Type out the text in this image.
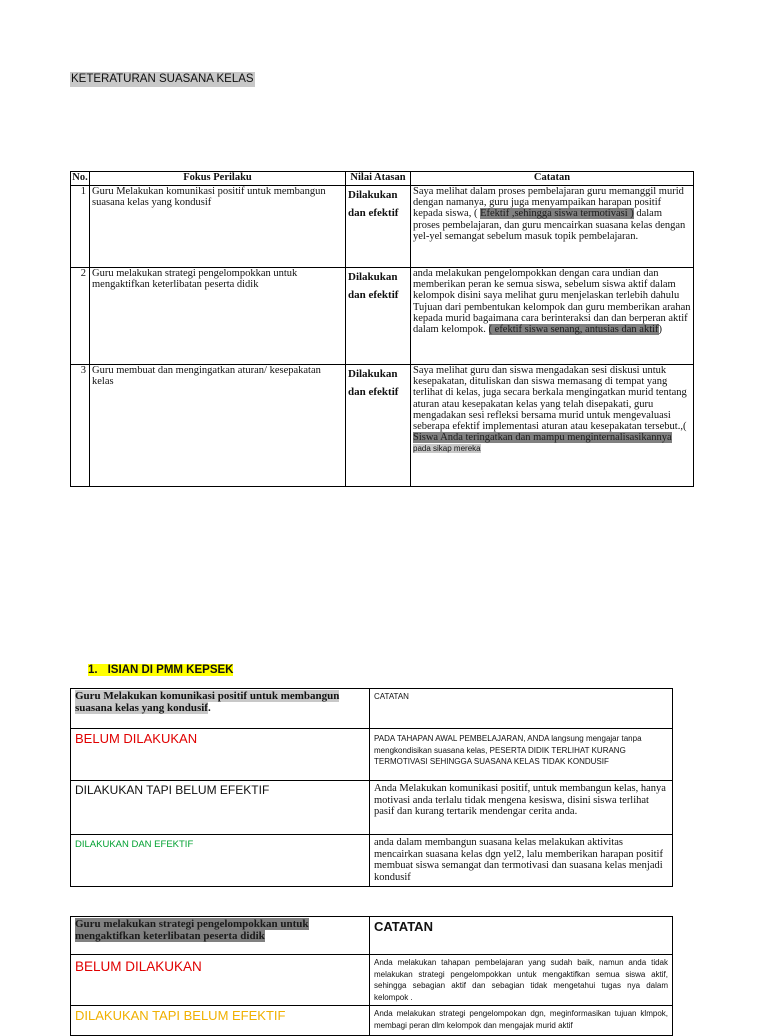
KETERATURAN SUASANA KELAS
No.	Fokus Perilaku	Nilai Atasan	Catatan
1	Guru Melakukan komunikasi positif untuk membangun suasana kelas yang kondusif	Dilakukan dan efektif	Saya melihat dalam proses pembelajaran guru memanggil murid dengan namanya, guru juga menyampaikan harapan positif kepada siswa, ( Efektif ,sehingga siswa termotivasi ) dalam proses pembelajaran, dan guru mencairkan suasana kelas dengan yel-yel semangat sebelum masuk topik pembelajaran.
2	Guru melakukan strategi pengelompokkan untuk mengaktifkan keterlibatan peserta didik	Dilakukan dan efektif	anda melakukan pengelompokkan dengan cara undian dan memberikan peran ke semua siswa, sebelum siswa aktif dalam kelompok disini saya melihat guru menjelaskan terlebih dahulu Tujuan dari pembentukan kelompok dan guru memberikan arahan kepada murid bagaimana cara berinteraksi dan dan berperan aktif dalam kelompok. ( efektif siswa senang, antusias dan aktif)
3	Guru membuat dan mengingatkan aturan/ kesepakatan kelas	Dilakukan dan efektif	Saya melihat guru dan siswa mengadakan sesi diskusi untuk kesepakatan, dituliskan dan siswa memasang di tempat yang terlihat di kelas, juga secara berkala mengingatkan murid tentang aturan atau kesepakatan kelas yang telah disepakati, guru mengadakan sesi refleksi bersama murid untuk mengevaluasi seberapa efektif implementasi aturan atau kesepakatan tersebut.,( Siswa Anda teringatkan dan mampu menginternalisasikannya pada sikap mereka
1. ISIAN DI PMM KEPSEK
Guru Melakukan komunikasi positif untuk membangun suasana kelas yang kondusif.	CATATAN
BELUM DILAKUKAN	PADA TAHAPAN AWAL PEMBELAJARAN, ANDA langsung mengajar tanpa mengkondisikan suasana kelas, PESERTA DIDIK TERLIHAT KURANG TERMOTIVASI SEHINGGA SUASANA KELAS TIDAK KONDUSIF
DILAKUKAN TAPI BELUM EFEKTIF	Anda Melakukan komunikasi positif, untuk membangun kelas, hanya motivasi anda terlalu tidak mengena kesiswa, disini siswa terlihat pasif dan kurang tertarik mendengar cerita anda.
DILAKUKAN DAN EFEKTIF	anda dalam membangun suasana kelas melakukan aktivitas mencairkan suasana kelas dgn yel2, lalu memberikan harapan positif membuat siswa semangat dan termotivasi dan suasana kelas menjadi kondusif
Guru melakukan strategi pengelompokkan untuk mengaktifkan keterlibatan peserta didik	CATATAN
BELUM DILAKUKAN	Anda melakukan tahapan pembelajaran yang sudah baik, namun anda tidak melakukan strategi pengelompokkan untuk mengaktifkan semua siswa aktif, sehingga sebagian aktif dan sebagian tidak mengetahui tugas nya dalam kelompok .
DILAKUKAN TAPI BELUM EFEKTIF	Anda melakukan strategi pengelompokan dgn, meginformasikan tujuan klmpok, membagi peran dlm kelompok dan mengajak murid aktif
